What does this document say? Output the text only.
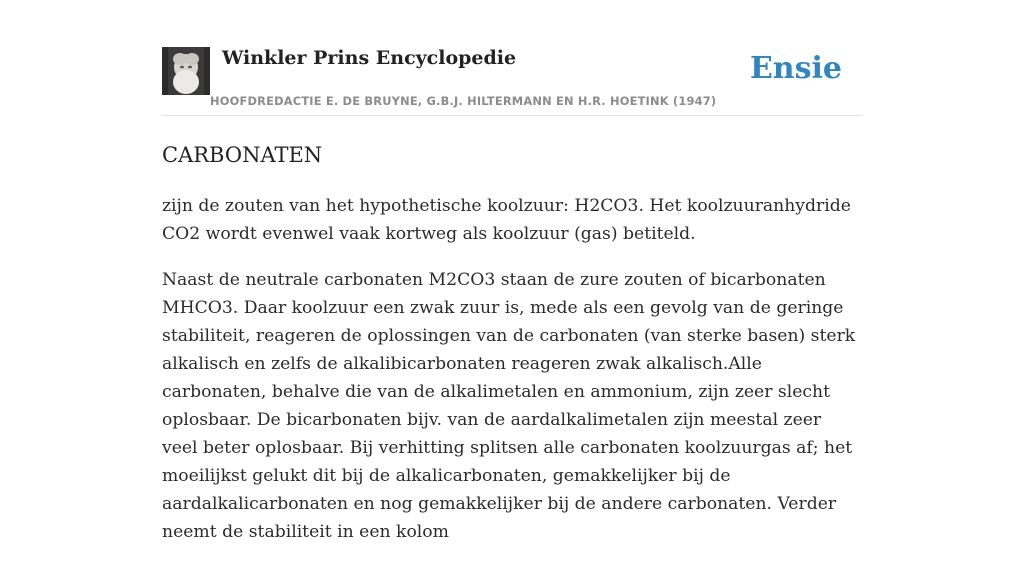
Winkler Prins Encyclopedie
HOOFDREDACTIE E. DE BRUYNE, G.B.J. HILTERMANN EN H.R. HOETINK (1947)
Ensie
CARBONATEN

zijn de zouten van het hypothetische koolzuur: H2CO3. Het koolzuuranhydride CO2 wordt evenwel vaak kortweg als koolzuur (gas) betiteld.

Naast de neutrale carbonaten M2CO3 staan de zure zouten of bicarbonaten MHCO3. Daar koolzuur een zwak zuur is, mede als een gevolg van de geringe stabiliteit, reageren de oplossingen van de carbonaten (van sterke basen) sterk alkalisch en zelfs de alkalibicarbonaten reageren zwak alkalisch.Alle carbonaten, behalve die van de alkalimetalen en ammonium, zijn zeer slecht oplosbaar. De bicarbonaten bijv. van de aardalkalimetalen zijn meestal zeer veel beter oplosbaar. Bij verhitting splitsen alle carbonaten koolzuurgas af; het moeilijkst gelukt dit bij de alkalicarbonaten, gemakkelijker bij de aardalkalicarbonaten en nog gemakkelijker bij de andere carbonaten. Verder neemt de stabiliteit in een kolom
